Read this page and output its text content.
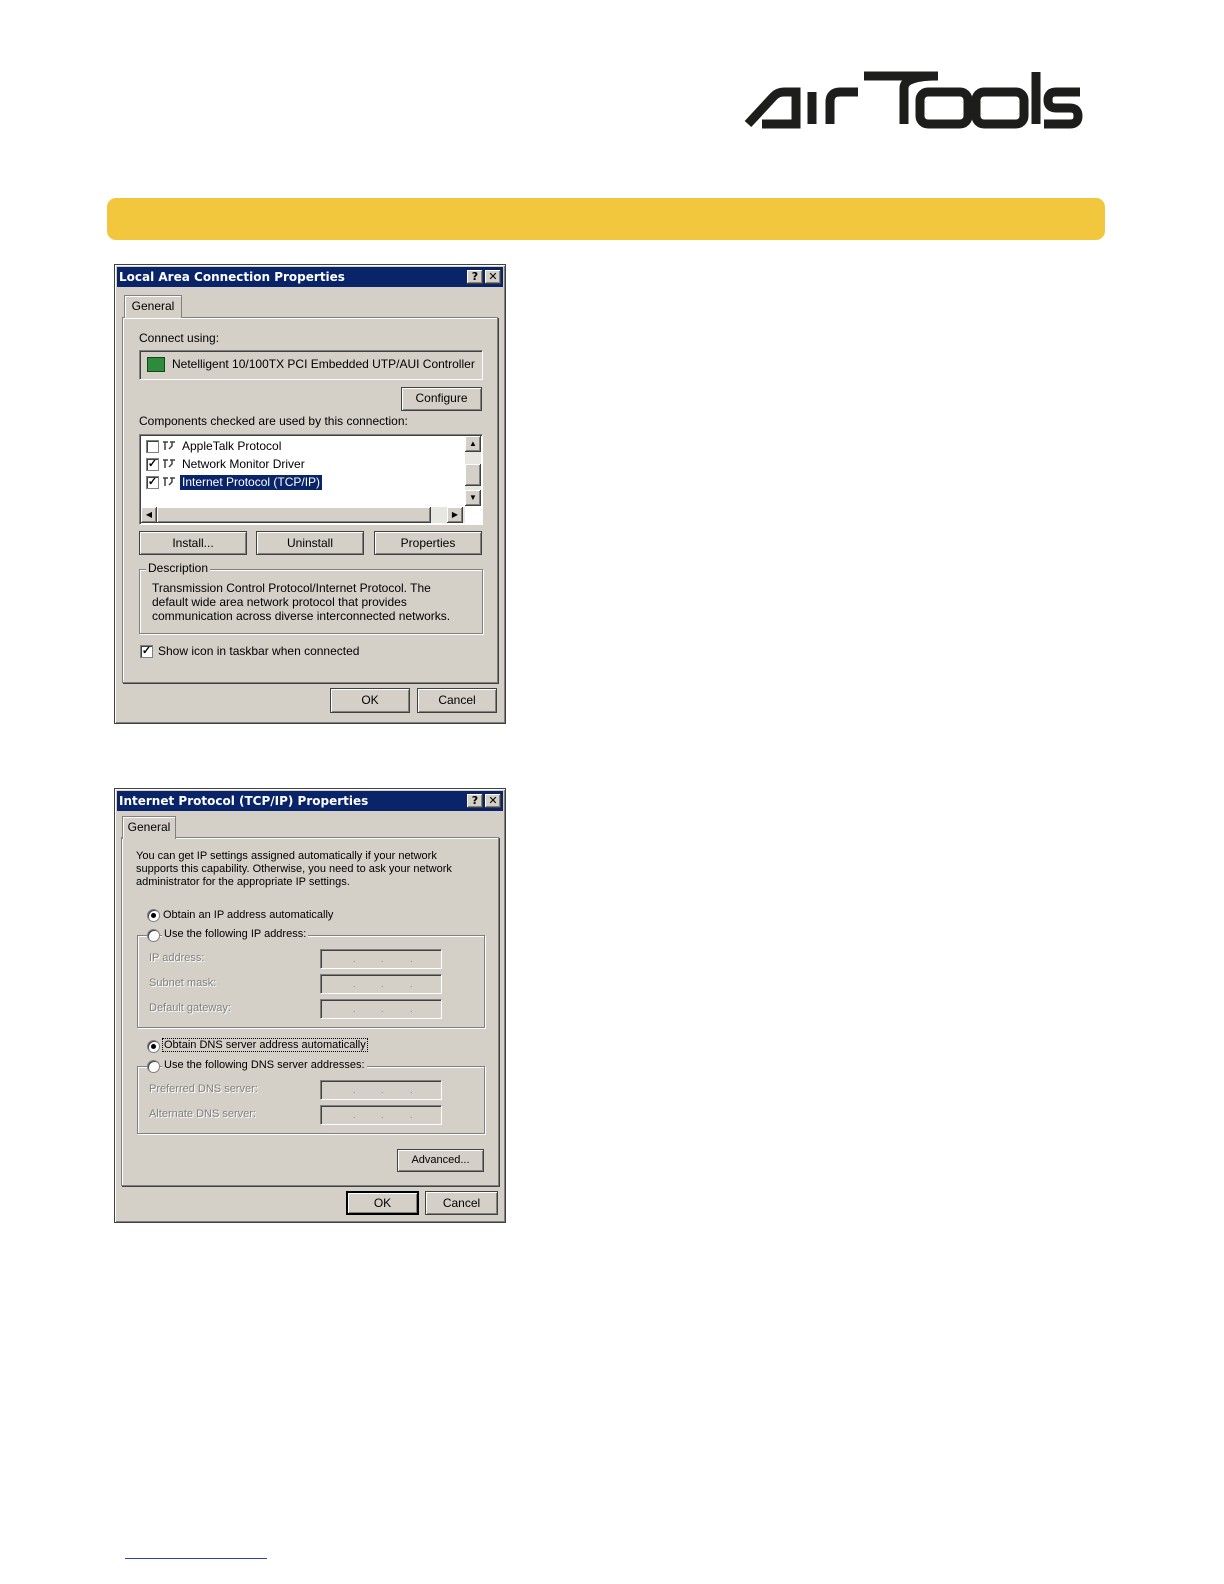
Local Area Connection Properties	? ✕
General
Connect using:
Netelligent 10/100TX PCI Embedded UTP/AUI Controller
Configure
Components checked are used by this connection:
AppleTalk Protocol
✓ Network Monitor Driver
✓ Internet Protocol (TCP/IP)
▲
▼
◀	▶
Install...	Uninstall	Properties
Description
Transmission Control Protocol/Internet Protocol. The default wide area network protocol that provides communication across diverse interconnected networks.
✓ Show icon in taskbar when connected
OK	Cancel
Internet Protocol (TCP/IP) Properties	? ✕
General
You can get IP settings assigned automatically if your network supports this capability. Otherwise, you need to ask your network administrator for the appropriate IP settings.
Obtain an IP address automatically
Use the following IP address:
IP address:	.	.	.
Subnet mask:	.	.	.
Default gateway:	.	.	.
Obtain DNS server address automatically
Use the following DNS server addresses:
Preferred DNS server:	.	.	.
Alternate DNS server:	.	.	.
Advanced...
OK	Cancel
